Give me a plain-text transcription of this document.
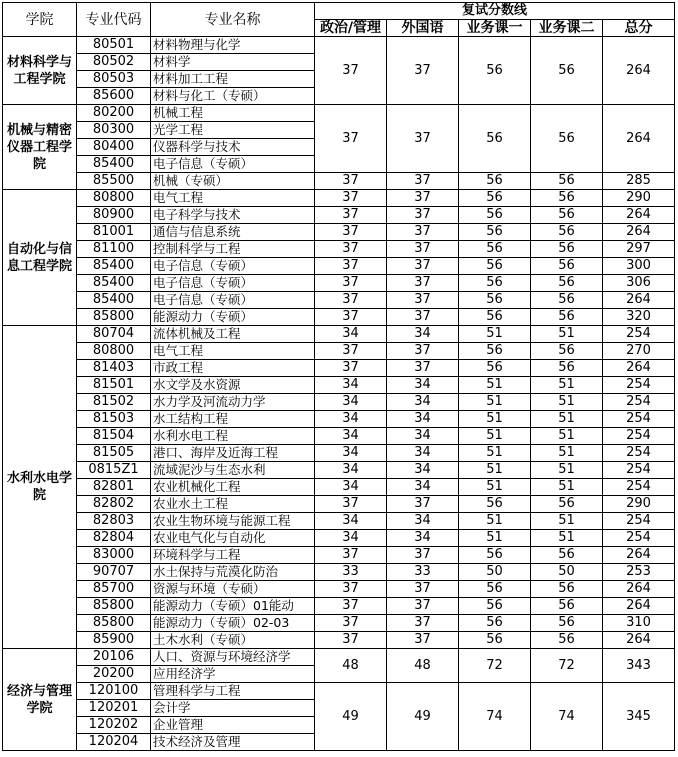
学院	专业代码	专业名称	复试分数线				
			政治/管理	外国语	业务课一	业务课二	总分
材料科学与工程学院	80501	材料物理与化学	37	37	56	56	264
	80502	材料学					
	80503	材料加工工程					
	85600	材料与化工（专硕）					
机械与精密仪器工程学院	80200	机械工程	37	37	56	56	264
	80300	光学工程					
	80400	仪器科学与技术					
	85400	电子信息（专硕）					
	85500	机械（专硕）	37	37	56	56	285
自动化与信息工程学院	80800	电气工程	37	37	56	56	290
	80900	电子科学与技术	37	37	56	56	264
	81001	通信与信息系统	37	37	56	56	264
	81100	控制科学与工程	37	37	56	56	297
	85400	电子信息（专硕）	37	37	56	56	300
	85400	电子信息（专硕）	37	37	56	56	306
	85400	电子信息（专硕）	37	37	56	56	264
	85800	能源动力（专硕）	37	37	56	56	320
水利水电学院	80704	流体机械及工程	34	34	51	51	254
	80800	电气工程	37	37	56	56	270
	81403	市政工程	37	37	56	56	264
	81501	水文学及水资源	34	34	51	51	254
	81502	水力学及河流动力学	34	34	51	51	254
	81503	水工结构工程	34	34	51	51	254
	81504	水利水电工程	34	34	51	51	254
	81505	港口、海岸及近海工程	34	34	51	51	254
	0815Z1	流域泥沙与生态水利	34	34	51	51	254
	82801	农业机械化工程	34	34	51	51	254
	82802	农业水土工程	37	37	56	56	290
	82803	农业生物环境与能源工程	34	34	51	51	254
	82804	农业电气化与自动化	34	34	51	51	254
	83000	环境科学与工程	37	37	56	56	264
	90707	水土保持与荒漠化防治	33	33	50	50	253
	85700	资源与环境（专硕）	37	37	56	56	264
	85800	能源动力（专硕）01能动	37	37	56	56	264
	85800	能源动力（专硕）02-03	37	37	56	56	310
	85900	土木水利（专硕）	37	37	56	56	264
经济与管理学院	20106	人口、资源与环境经济学	48	48	72	72	343
	20200	应用经济学					
	120100	管理科学与工程	49	49	74	74	345
	120201	会计学					
	120202	企业管理					
	120204	技术经济及管理					
